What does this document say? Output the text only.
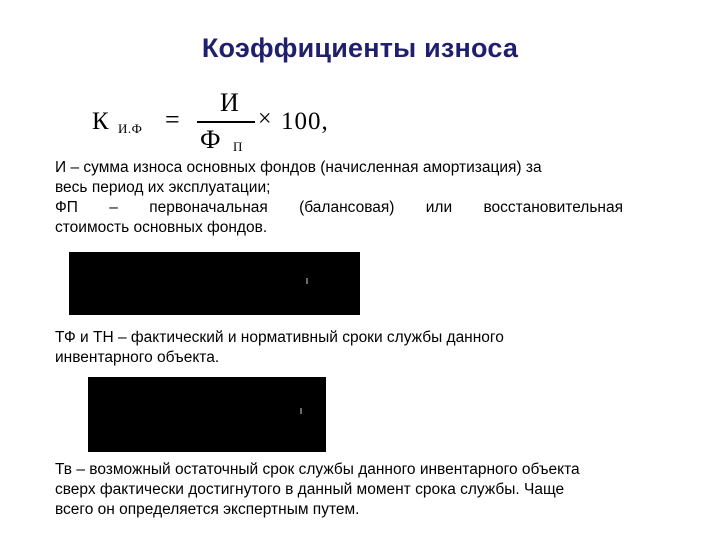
Коэффициенты износа
К И.Ф =
И
Ф П
× 100,
И – сумма износа основных фондов (начисленная амортизация) за
весь период их эксплуатации;
ФП – первоначальная (балансовая) или восстановительная
стоимость основных фондов.
ТФ и ТН – фактический и нормативный сроки службы данного
инвентарного объекта.
Тв – возможный остаточный срок службы данного инвентарного объекта
сверх фактически достигнутого в данный момент срока службы. Чаще
всего он определяется экспертным путем.
